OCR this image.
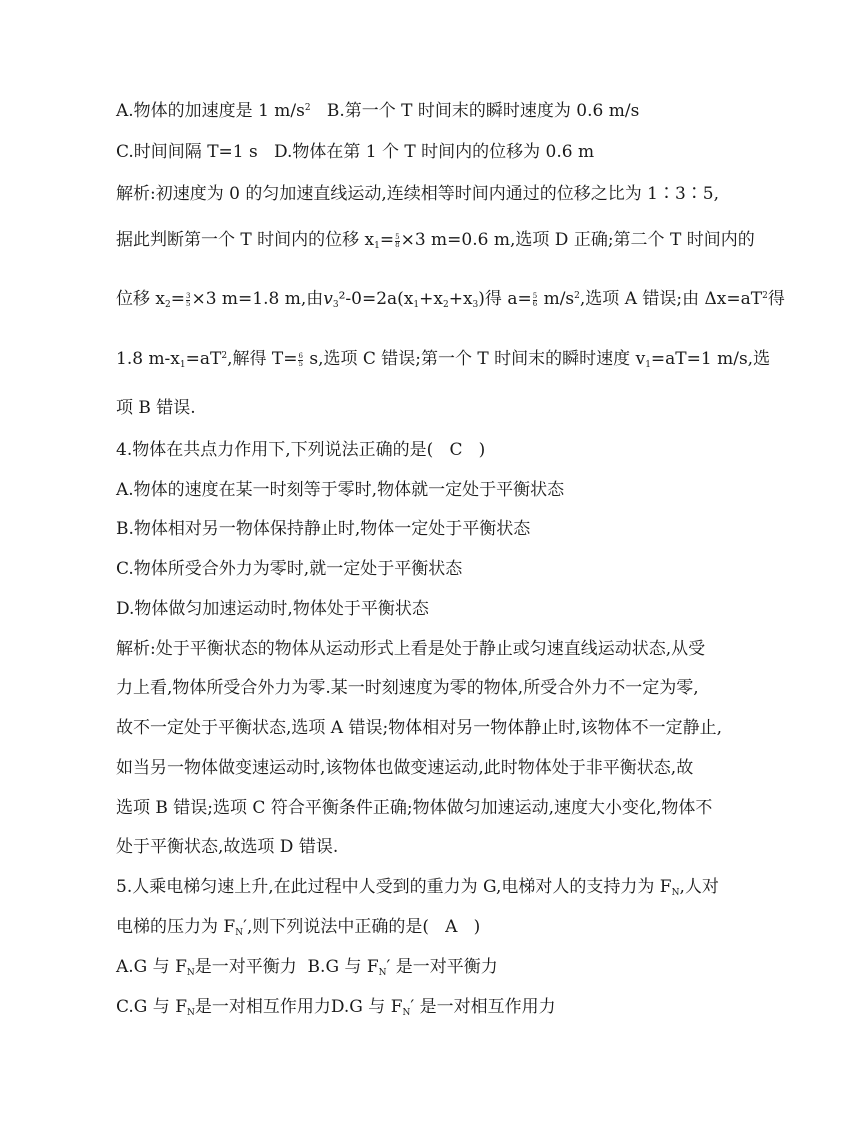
A.物体的加速度是 1 $m/s^2$   B.第一个 T 时间末的瞬时速度为 0.6 m/s
C.时间间隔 T=1 s   D.物体在第 1 个 T 时间内的位移为 0.6 m
解析:初速度为 0 的匀加速直线运动,连续相等时间内通过的位移之比为 1∶3∶5,
据此判断第一个 T 时间内的位移 $x_1= \frac{5}{8} \times 3$ m=0.6 m,选项 D 正确;第二个 T 时间内的
位移 $x_2= \frac{3}{5} \times 3$ m=1.8 m,由$v_3^2-0=2a(x_1+x_2+x_3)$得 $a= \frac{5}{6} m/s^2$,选项 A 错误;由 $\Delta x=aT^2$得
1.8 $m-x_1=aT^2$,解得 $T= \frac{6}{5} s$,选项 C 错误;第一个 T 时间末的瞬时速度 $v_1=aT=1$ m/s,选
项 B 错误.
4.物体在共点力作用下,下列说法正确的是(   C   )
A.物体的速度在某一时刻等于零时,物体就一定处于平衡状态
B.物体相对另一物体保持静止时,物体一定处于平衡状态
C.物体所受合外力为零时,就一定处于平衡状态
D.物体做匀加速运动时,物体处于平衡状态
解析:处于平衡状态的物体从运动形式上看是处于静止或匀速直线运动状态,从受
力上看,物体所受合外力为零.某一时刻速度为零的物体,所受合外力不一定为零,
故不一定处于平衡状态,选项 A 错误;物体相对另一物体静止时,该物体不一定静止,
如当另一物体做变速运动时,该物体也做变速运动,此时物体处于非平衡状态,故
选项 B 错误;选项 C 符合平衡条件正确;物体做匀加速运动,速度大小变化,物体不
处于平衡状态,故选项 D 错误.
5.人乘电梯匀速上升,在此过程中人受到的重力为 G,电梯对人的支持力为 $F_N$,人对
电梯的压力为 $F_N'$,则下列说法中正确的是(   A   )
A.G 与 $F_N$是一对平衡力  B.G 与 $F_N'$ 是一对平衡力
C.G 与 $F_N$是一对相互作用力D.G 与 $F_N'$ 是一对相互作用力
